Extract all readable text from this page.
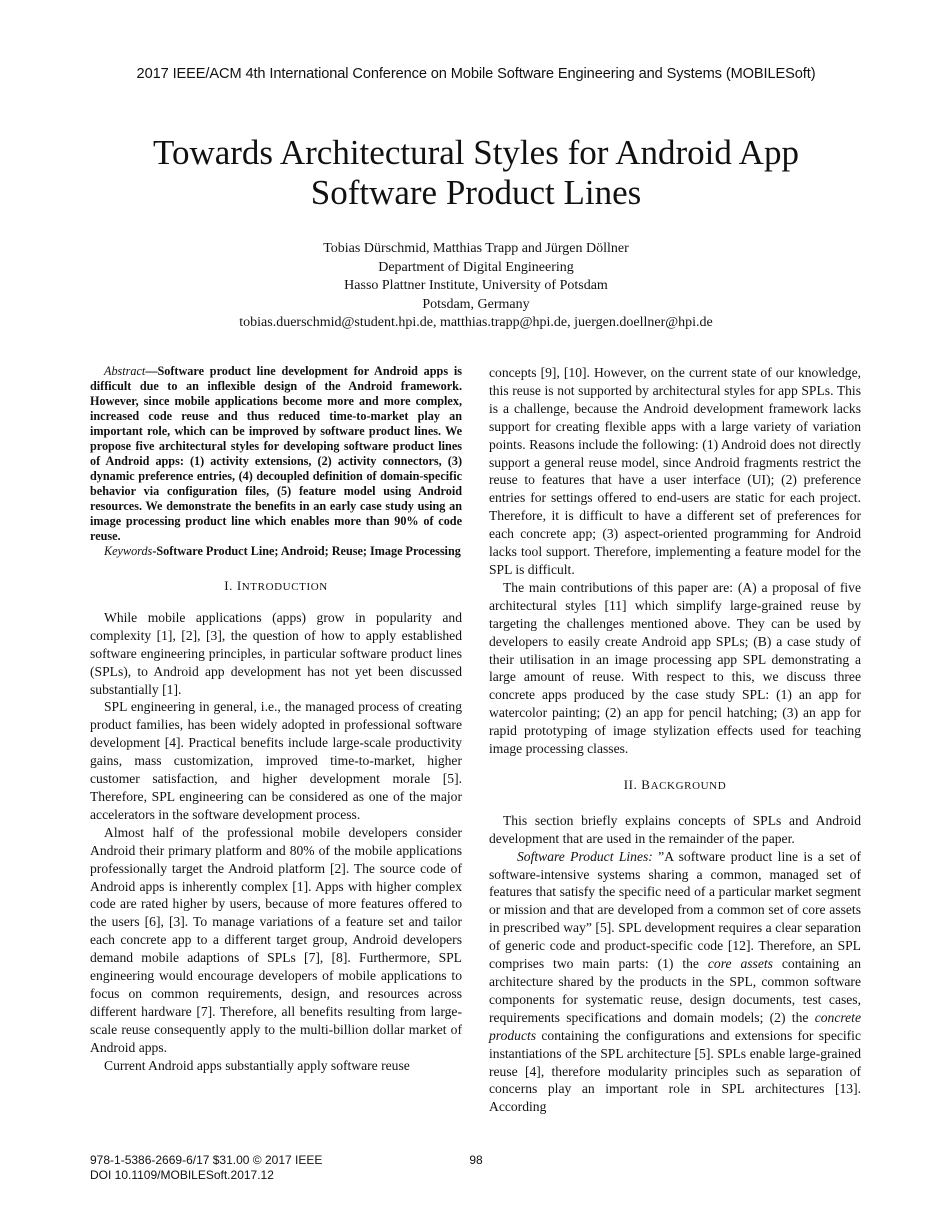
2017 IEEE/ACM 4th International Conference on Mobile Software Engineering and Systems (MOBILESoft)
Towards Architectural Styles for Android App
Software Product Lines
Tobias Dürschmid, Matthias Trapp and Jürgen Döllner
Department of Digital Engineering
Hasso Plattner Institute, University of Potsdam
Potsdam, Germany
tobias.duerschmid@student.hpi.de, matthias.trapp@hpi.de, juergen.doellner@hpi.de

Abstract—Software product line development for Android apps is difficult due to an inflexible design of the Android framework. However, since mobile applications become more and more complex, increased code reuse and thus reduced time-to-market play an important role, which can be improved by software product lines. We propose five architectural styles for developing software product lines of Android apps: (1) activity extensions, (2) activity connectors, (3) dynamic preference entries, (4) decoupled definition of domain-specific behavior via configuration files, (5) feature model using Android resources. We demonstrate the benefits in an early case study using an image processing product line which enables more than 90% of code reuse.

Keywords-Software Product Line; Android; Reuse; Image Processing

I. INTRODUCTION

While mobile applications (apps) grow in popularity and complexity [1], [2], [3], the question of how to apply established software engineering principles, in particular software product lines (SPLs), to Android app development has not yet been discussed substantially [1].

SPL engineering in general, i.e., the managed process of creating product families, has been widely adopted in professional software development [4]. Practical benefits include large-scale productivity gains, mass customization, improved time-to-market, higher customer satisfaction, and higher development morale [5]. Therefore, SPL engineering can be considered as one of the major accelerators in the software development process.

Almost half of the professional mobile developers consider Android their primary platform and 80% of the mobile applications professionally target the Android platform [2]. The source code of Android apps is inherently complex [1]. Apps with higher complex code are rated higher by users, because of more features offered to the users [6], [3]. To manage variations of a feature set and tailor each concrete app to a different target group, Android developers demand mobile adaptions of SPLs [7], [8]. Furthermore, SPL engineering would encourage developers of mobile applications to focus on common requirements, design, and resources across different hardware [7]. Therefore, all benefits resulting from large-scale reuse consequently apply to the multi-billion dollar market of Android apps.

Current Android apps substantially apply software reuse

concepts [9], [10]. However, on the current state of our knowledge, this reuse is not supported by architectural styles for app SPLs. This is a challenge, because the Android development framework lacks support for creating flexible apps with a large variety of variation points. Reasons include the following: (1) Android does not directly support a general reuse model, since Android fragments restrict the reuse to features that have a user interface (UI); (2) preference entries for settings offered to end-users are static for each project. Therefore, it is difficult to have a different set of preferences for each concrete app; (3) aspect-oriented programming for Android lacks tool support. Therefore, implementing a feature model for the SPL is difficult.

The main contributions of this paper are: (A) a proposal of five architectural styles [11] which simplify large-grained reuse by targeting the challenges mentioned above. They can be used by developers to easily create Android app SPLs; (B) a case study of their utilisation in an image processing app SPL demonstrating a large amount of reuse. With respect to this, we discuss three concrete apps produced by the case study SPL: (1) an app for watercolor painting; (2) an app for pencil hatching; (3) an app for rapid prototyping of image stylization effects used for teaching image processing classes.

II. BACKGROUND

This section briefly explains concepts of SPLs and Android development that are used in the remainder of the paper.

Software Product Lines: ”A software product line is a set of software-intensive systems sharing a common, managed set of features that satisfy the specific need of a particular market segment or mission and that are developed from a common set of core assets in prescribed way” [5]. SPL development requires a clear separation of generic code and product-specific code [12]. Therefore, an SPL comprises two main parts: (1) the core assets containing an architecture shared by the products in the SPL, common software components for systematic reuse, design documents, test cases, requirements specifications and domain models; (2) the concrete products containing the configurations and extensions for specific instantiations of the SPL architecture [5]. SPLs enable large-grained reuse [4], therefore modularity principles such as separation of concerns play an important role in SPL architectures [13]. According

978-1-5386-2669-6/17 $31.00 © 2017 IEEE
DOI 10.1109/MOBILESoft.2017.12
98
